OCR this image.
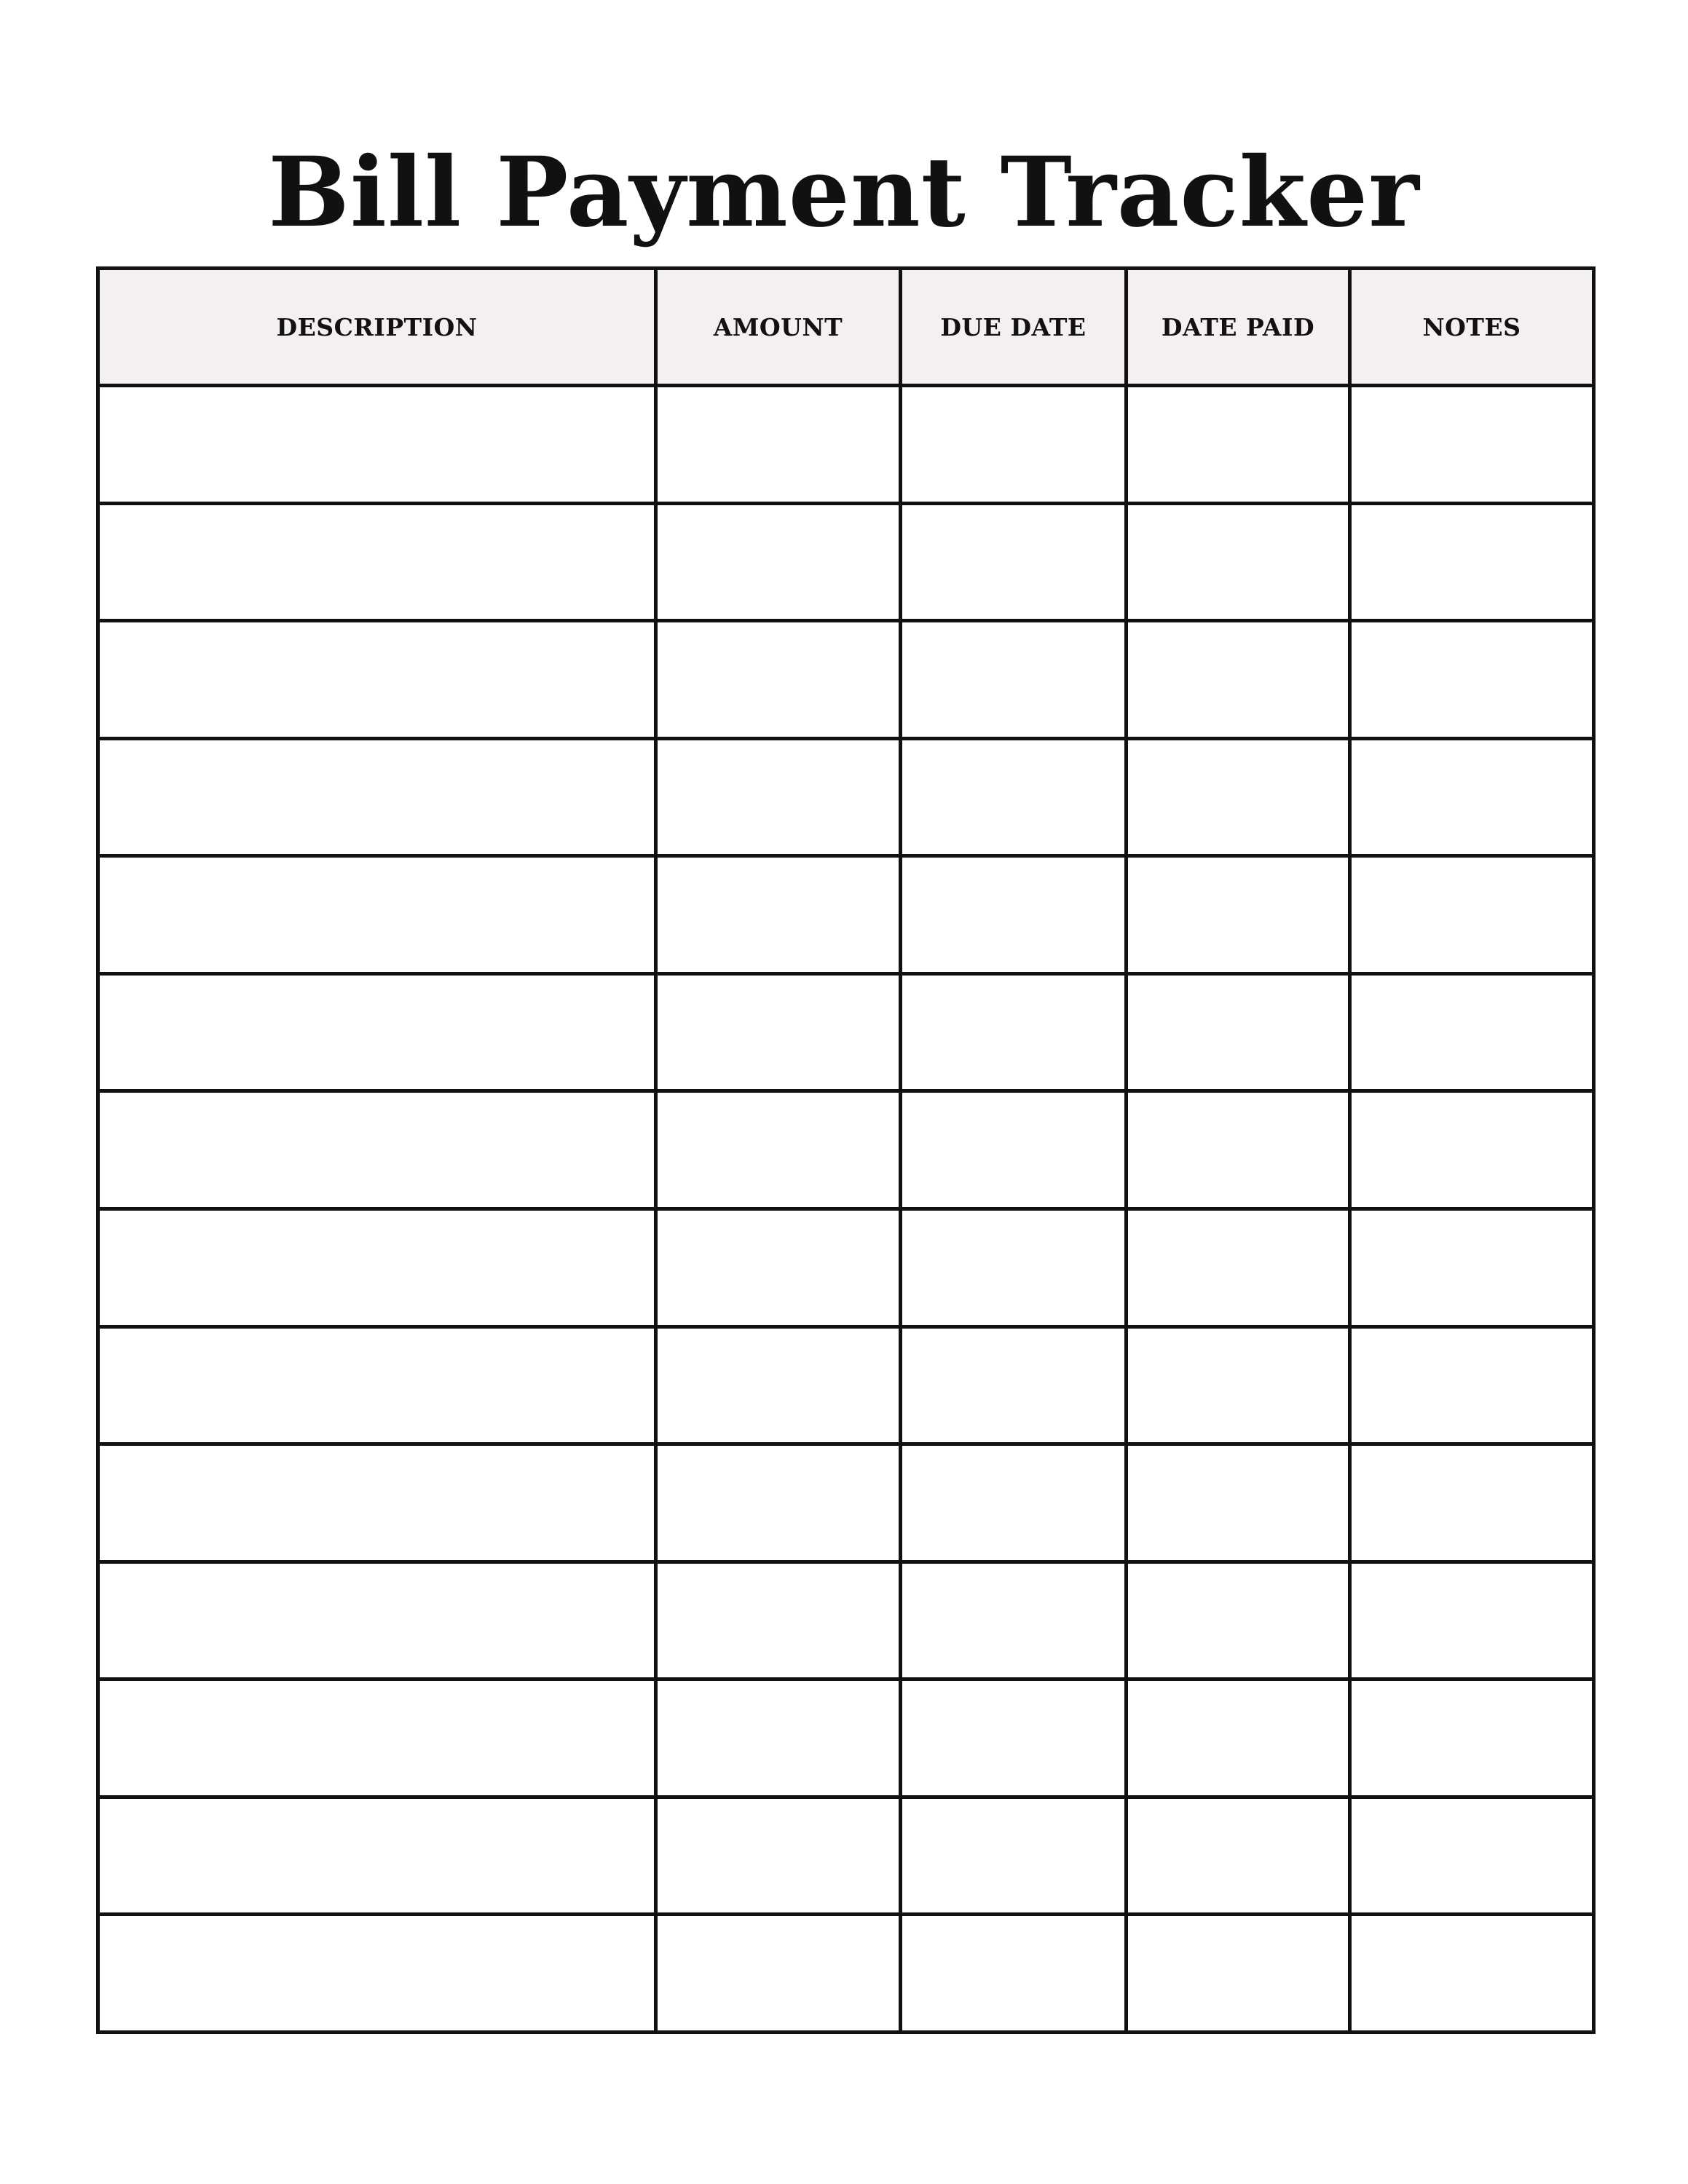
Bill Payment Tracker
DESCRIPTION	AMOUNT	DUE DATE	DATE PAID	NOTES
